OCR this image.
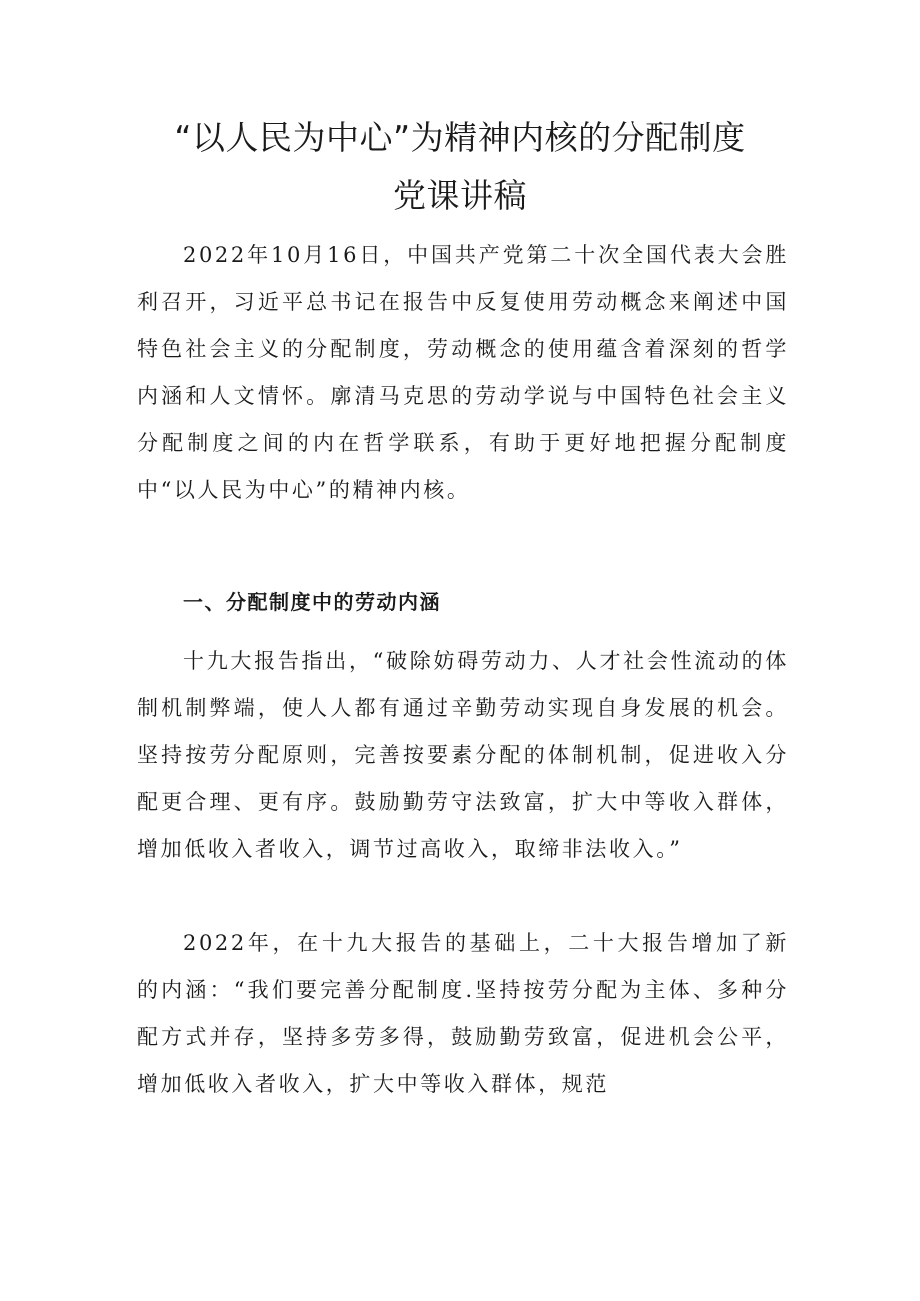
“以人民为中心”为精神内核的分配制度
党课讲稿

2022年10月16日，中国共产党第二十次全国代表大会胜利召开，习近平总书记在报告中反复使用劳动概念来阐述中国特色社会主义的分配制度，劳动概念的使用蕴含着深刻的哲学内涵和人文情怀。廓清马克思的劳动学说与中国特色社会主义分配制度之间的内在哲学联系，有助于更好地把握分配制度中“以人民为中心”的精神内核。

一、分配制度中的劳动内涵

十九大报告指出，“破除妨碍劳动力、人才社会性流动的体制机制弊端，使人人都有通过辛勤劳动实现自身发展的机会。坚持按劳分配原则，完善按要素分配的体制机制，促进收入分配更合理、更有序。鼓励勤劳守法致富，扩大中等收入群体，增加低收入者收入，调节过高收入，取缔非法收入。”

2022年，在十九大报告的基础上，二十大报告增加了新的内涵：“我们要完善分配制度.坚持按劳分配为主体、多种分配方式并存，坚持多劳多得，鼓励勤劳致富，促进机会公平，增加低收入者收入，扩大中等收入群体，规范
